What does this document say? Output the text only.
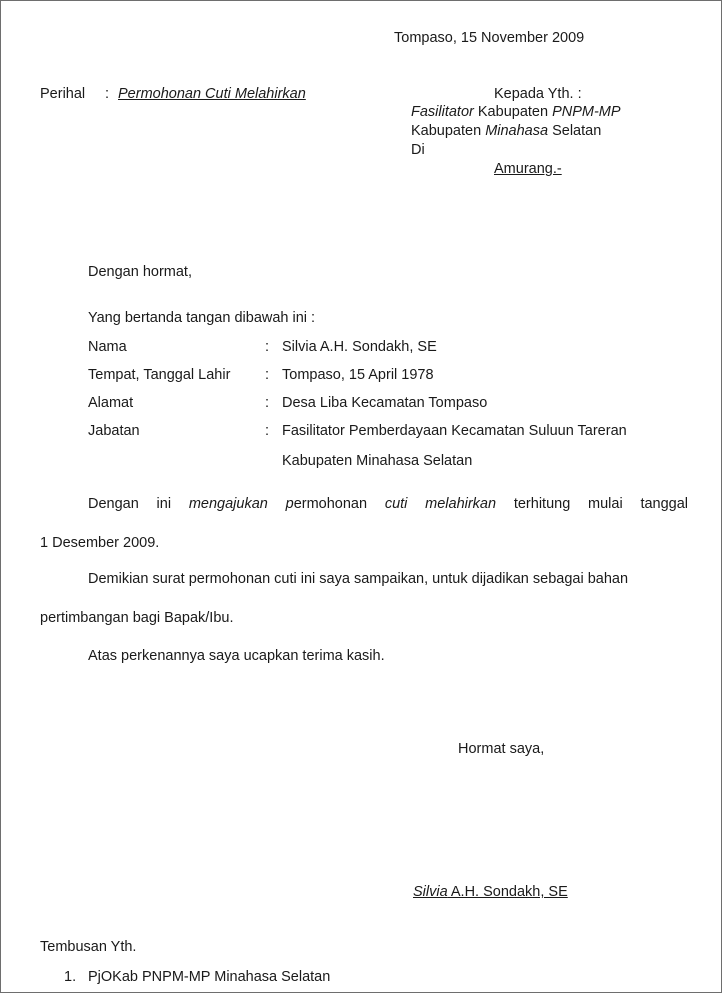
Tompaso, 15 November 2009
Perihal : Permohonan Cuti Melahirkan	Kepada Yth. :
Fasilitator Kabupaten PNPM-MP
Kabupaten Minahasa Selatan
Di
Amurang.-
Dengan hormat,
Yang bertanda tangan dibawah ini :
Nama	: Silvia A.H. Sondakh, SE
Tempat, Tanggal Lahir : Tompaso, 15 April 1978
Alamat	: Desa Liba Kecamatan Tompaso
Jabatan	: Fasilitator Pemberdayaan Kecamatan Suluun Tareran
Kabupaten Minahasa Selatan
Dengan ini mengajukan permohonan cuti melahirkan terhitung mulai tanggal
1 Desember 2009.
Demikian surat permohonan cuti ini saya sampaikan, untuk dijadikan sebagai bahan
pertimbangan bagi Bapak/Ibu.
Atas perkenannya saya ucapkan terima kasih.
Hormat saya,
Silvia A.H. Sondakh, SE
Tembusan Yth.
1. PjOKab PNPM-MP Minahasa Selatan
